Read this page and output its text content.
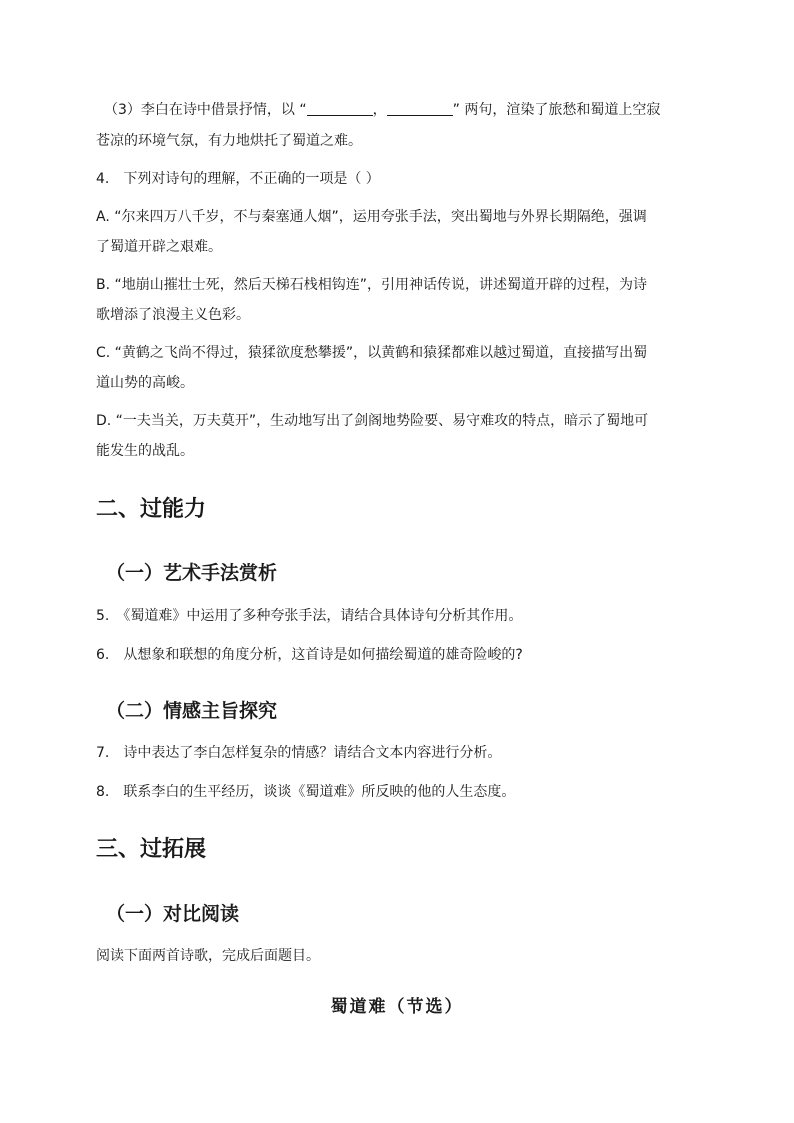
（3）李白在诗中借景抒情，以 “	，	” 两句，渲染了旅愁和蜀道上空寂

苍凉的环境气氛，有力地烘托了蜀道之难。

4.　下列对诗句的理解，不正确的一项是（ ）

A. “尔来四万八千岁，不与秦塞通人烟”，运用夸张手法，突出蜀地与外界长期隔绝，强调

了蜀道开辟之艰难。

B. “地崩山摧壮士死，然后天梯石栈相钩连”，引用神话传说，讲述蜀道开辟的过程，为诗

歌增添了浪漫主义色彩。

C. “黄鹤之飞尚不得过，猿猱欲度愁攀援”，以黄鹤和猿猱都难以越过蜀道，直接描写出蜀

道山势的高峻。

D. “一夫当关，万夫莫开”，生动地写出了剑阁地势险要、易守难攻的特点，暗示了蜀地可

能发生的战乱。

二、过能力
（一）艺术手法赏析

5.　《蜀道难》中运用了多种夸张手法，请结合具体诗句分析其作用。

6.　从想象和联想的角度分析，这首诗是如何描绘蜀道的雄奇险峻的?

（二）情感主旨探究

7.　诗中表达了李白怎样复杂的情感？请结合文本内容进行分析。

8.　联系李白的生平经历，谈谈《蜀道难》所反映的他的人生态度。

三、过拓展
（一）对比阅读

阅读下面两首诗歌，完成后面题目。

蜀道难（节选）
